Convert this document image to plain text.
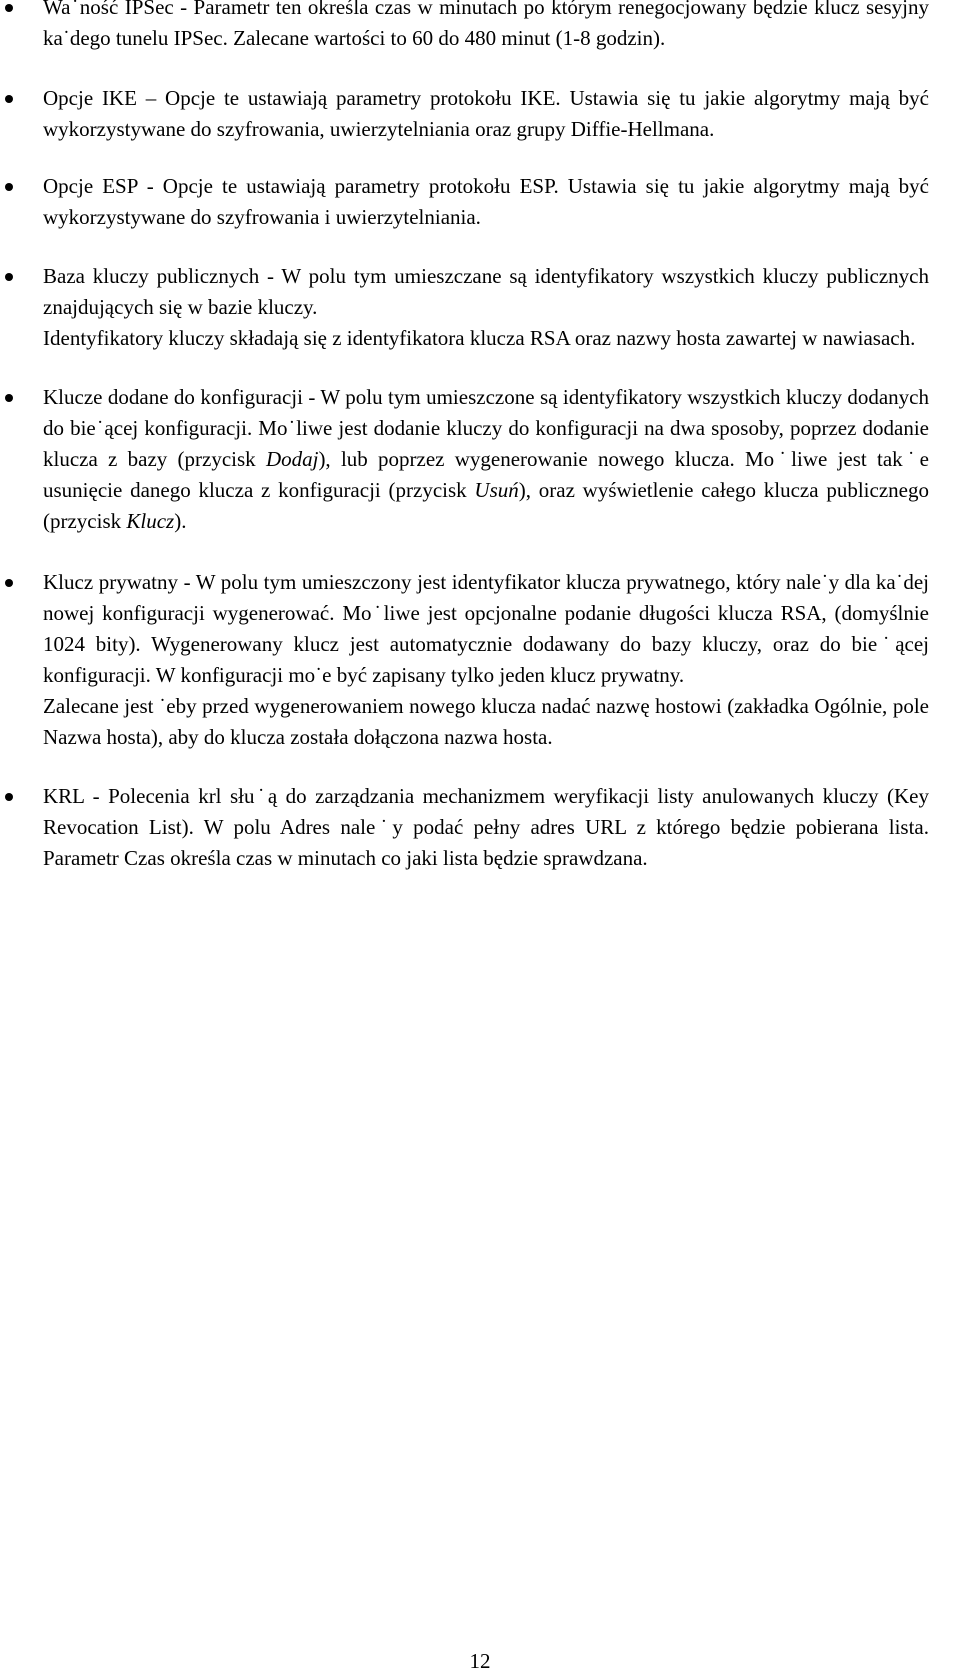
Wa˙ność IPSec - Parametr ten określa czas w minutach po którym renegocjowany będzie klucz sesyjny ka˙dego tunelu IPSec. Zalecane wartości to 60 do 480 minut (1-8 godzin).

Opcje IKE – Opcje te ustawiają parametry protokołu IKE. Ustawia się tu jakie algorytmy mają być wykorzystywane do szyfrowania, uwierzytelniania oraz grupy Diffie-Hellmana.

Opcje ESP - Opcje te ustawiają parametry protokołu ESP. Ustawia się tu jakie algorytmy mają być wykorzystywane do szyfrowania i uwierzytelniania.

Baza kluczy publicznych - W polu tym umieszczane są identyfikatory wszystkich kluczy publicznych znajdujących się w bazie kluczy.

Identyfikatory kluczy składają się z identyfikatora klucza RSA oraz nazwy hosta zawartej w nawiasach.

Klucze dodane do konfiguracji - W polu tym umieszczone są identyfikatory wszystkich kluczy dodanych do bie˙ącej konfiguracji. Mo˙liwe jest dodanie kluczy do konfiguracji na dwa sposoby, poprzez dodanie klucza z bazy (przycisk Dodaj), lub poprzez wygenerowanie nowego klucza. Mo˙liwe jest tak˙e usunięcie danego klucza z konfiguracji (przycisk Usuń), oraz wyświetlenie całego klucza publicznego (przycisk Klucz).

Klucz prywatny - W polu tym umieszczony jest identyfikator klucza prywatnego, który nale˙y dla ka˙dej nowej konfiguracji wygenerować. Mo˙liwe jest opcjonalne podanie długości klucza RSA, (domyślnie 1024 bity). Wygenerowany klucz jest automatycznie dodawany do bazy kluczy, oraz do bie˙ącej konfiguracji. W konfiguracji mo˙e być zapisany tylko jeden klucz prywatny.

Zalecane jest ˙eby przed wygenerowaniem nowego klucza nadać nazwę hostowi (zakładka Ogólnie, pole Nazwa hosta), aby do klucza została dołączona nazwa hosta.

KRL - Polecenia krl słu˙ą do zarządzania mechanizmem weryfikacji listy anulowanych kluczy (Key Revocation List). W polu Adres nale˙y podać pełny adres URL z którego będzie pobierana lista. Parametr Czas określa czas w minutach co jaki lista będzie sprawdzana.

12
